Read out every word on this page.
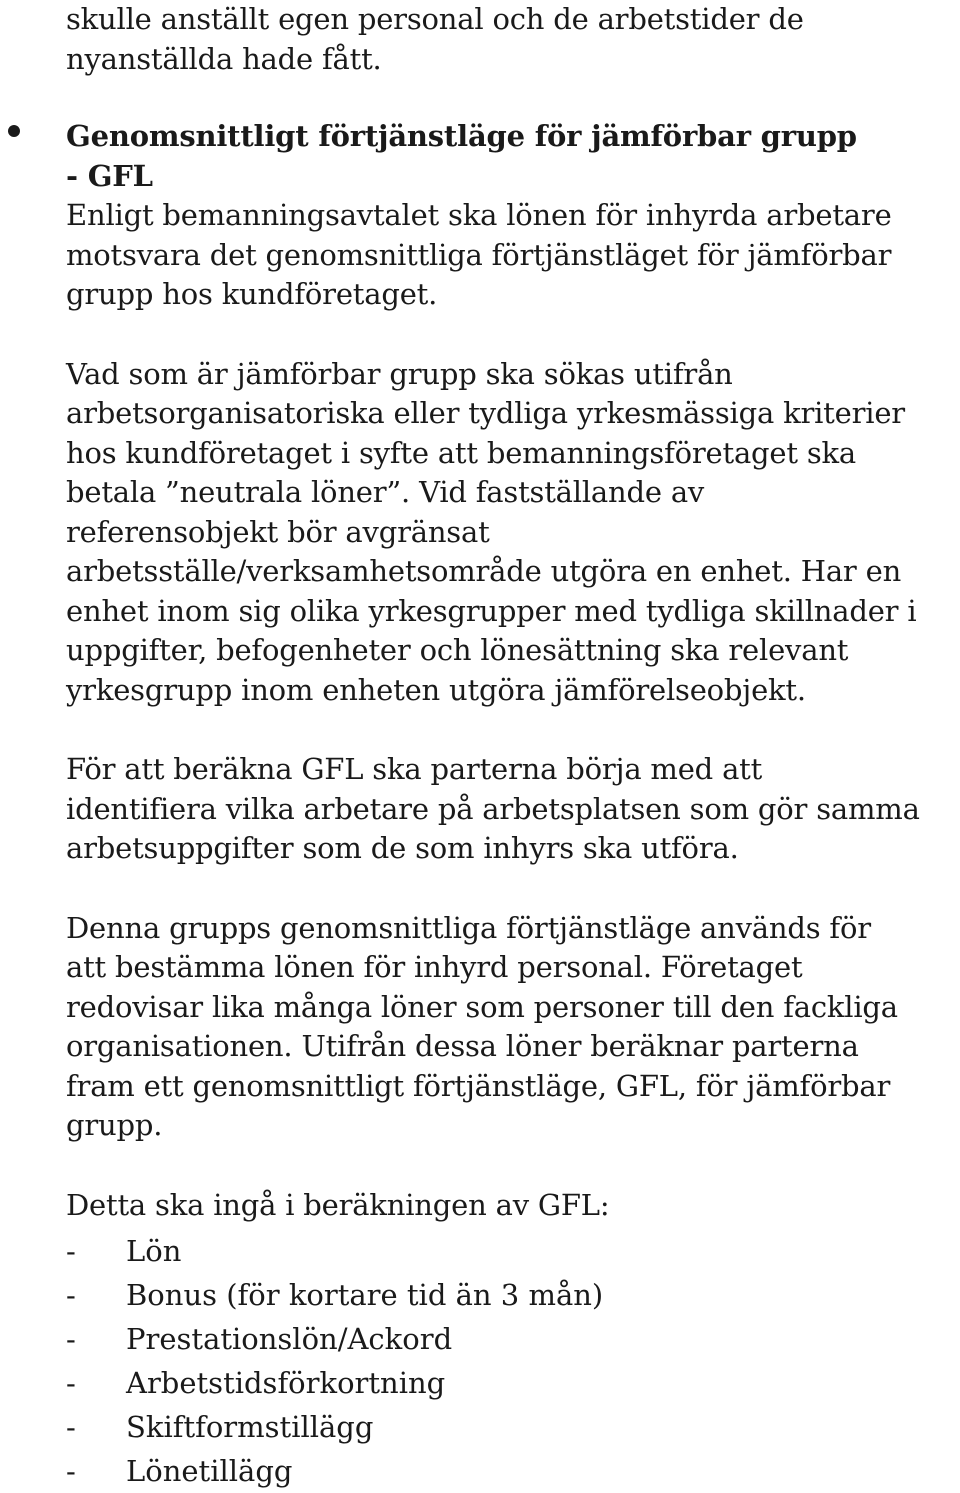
skulle anställt egen personal och de arbetstider de
nyanställda hade fått.
Genomsnittligt förtjänstläge för jämförbar grupp
- GFL
Enligt bemanningsavtalet ska lönen för inhyrda arbetare
motsvara det genomsnittliga förtjänstläget för jämförbar
grupp hos kundföretaget.
Vad som är jämförbar grupp ska sökas utifrån
arbetsorganisatoriska eller tydliga yrkesmässiga kriterier
hos kundföretaget i syfte att bemanningsföretaget ska
betala ”neutrala löner”. Vid fastställande av
referensobjekt bör avgränsat
arbetsställe/verksamhetsområde utgöra en enhet. Har en
enhet inom sig olika yrkesgrupper med tydliga skillnader i
uppgifter, befogenheter och lönesättning ska relevant
yrkesgrupp inom enheten utgöra jämförelseobjekt.
För att beräkna GFL ska parterna börja med att
identifiera vilka arbetare på arbetsplatsen som gör samma
arbetsuppgifter som de som inhyrs ska utföra.
Denna grupps genomsnittliga förtjänstläge används för
att bestämma lönen för inhyrd personal. Företaget
redovisar lika många löner som personer till den fackliga
organisationen. Utifrån dessa löner beräknar parterna
fram ett genomsnittligt förtjänstläge, GFL, för jämförbar
grupp.
Detta ska ingå i beräkningen av GFL:
-	Lön
-	Bonus (för kortare tid än 3 mån)
-	Prestationslön/Ackord
-	Arbetstidsförkortning
-	Skiftformstillägg
-	Lönetillägg
